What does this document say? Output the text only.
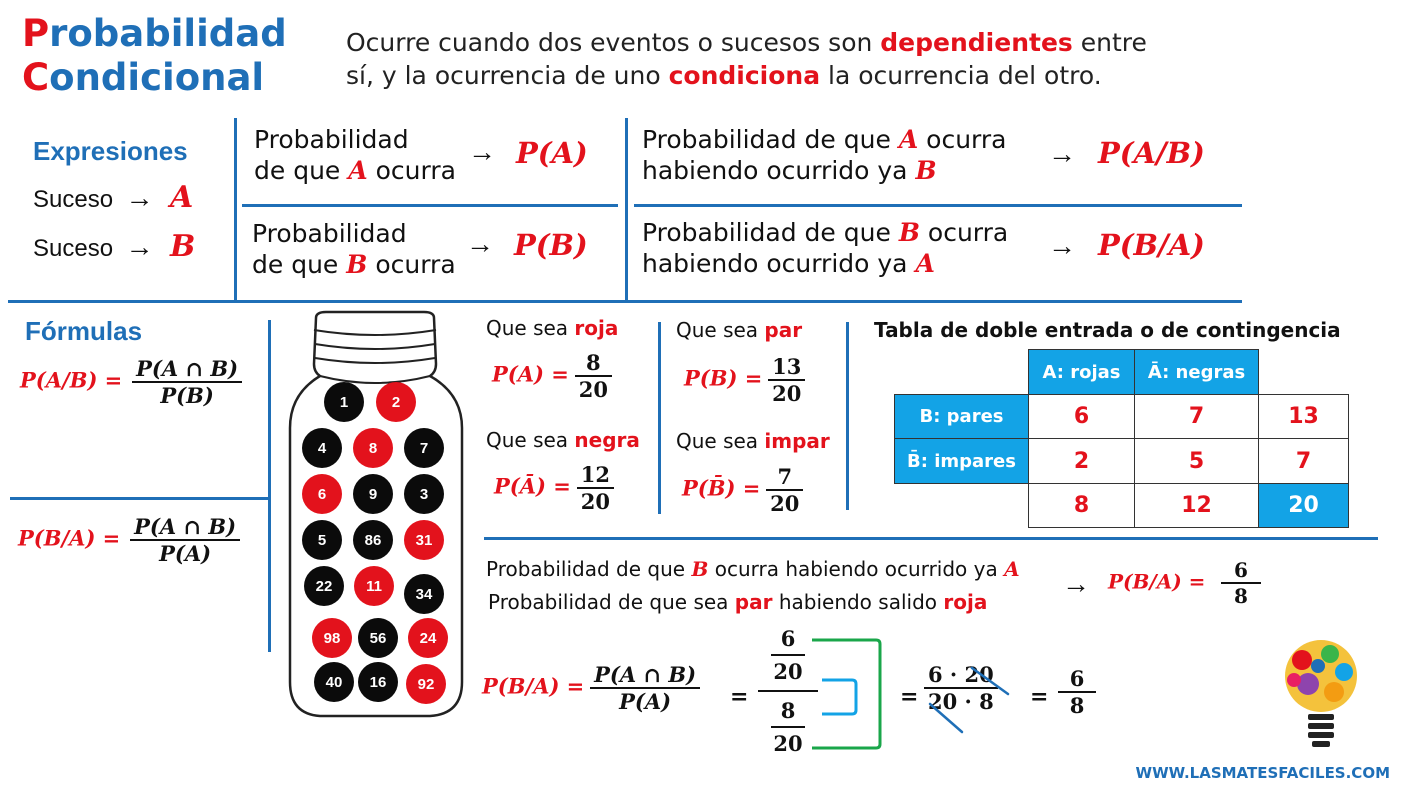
Probabilidad
Condicional
Ocurre cuando dos eventos o sucesos son dependientes entre
sí, y la ocurrencia de uno condiciona la ocurrencia del otro.
Expresiones
Suceso → A
Suceso → B
Probabilidad
de que A ocurra
→ P(A)
Probabilidad
de que B ocurra
→ P(B)
Probabilidad de que A ocurra
habiendo ocurrido ya B
→ P(A/B)
Probabilidad de que B ocurra
habiendo ocurrido ya A
→ P(B/A)
Fórmulas
$P(A/B) = \frac{P(A \cap B)}{P(B)}$
$P(B/A) = \frac{P(A \cap B)}{P(A)}$
1	2
4	8	7
6	9	3
5	86	31
22	11	34
98	56	24
40	16	92
Que sea roja
$P(A) = \frac{8}{20}$
Que sea negra
P(Ā) = $\frac{12}{20}$
Que sea par
$P(B) = \frac{13}{20}$
Que sea impar
P(B̄) = $\frac{7}{20}$
Tabla de doble entrada o de contingencia
	A: rojas	Ā: negras	
B: pares	6	7	13
B̄: impares	2	5	7
	8	12	20
Probabilidad de que B ocurra habiendo ocurrido ya A
Probabilidad de que sea par habiendo salido roja
→ $P(B/A) = \frac{6}{8}$
$P(B/A) = \frac{P(A \cap B)}{P(A)}$ =
6
20
8
20
= $\frac{6 \cdot 20}{20 \cdot 8} = \frac{6}{8}$
WWW.LASMATESFACILES.COM
